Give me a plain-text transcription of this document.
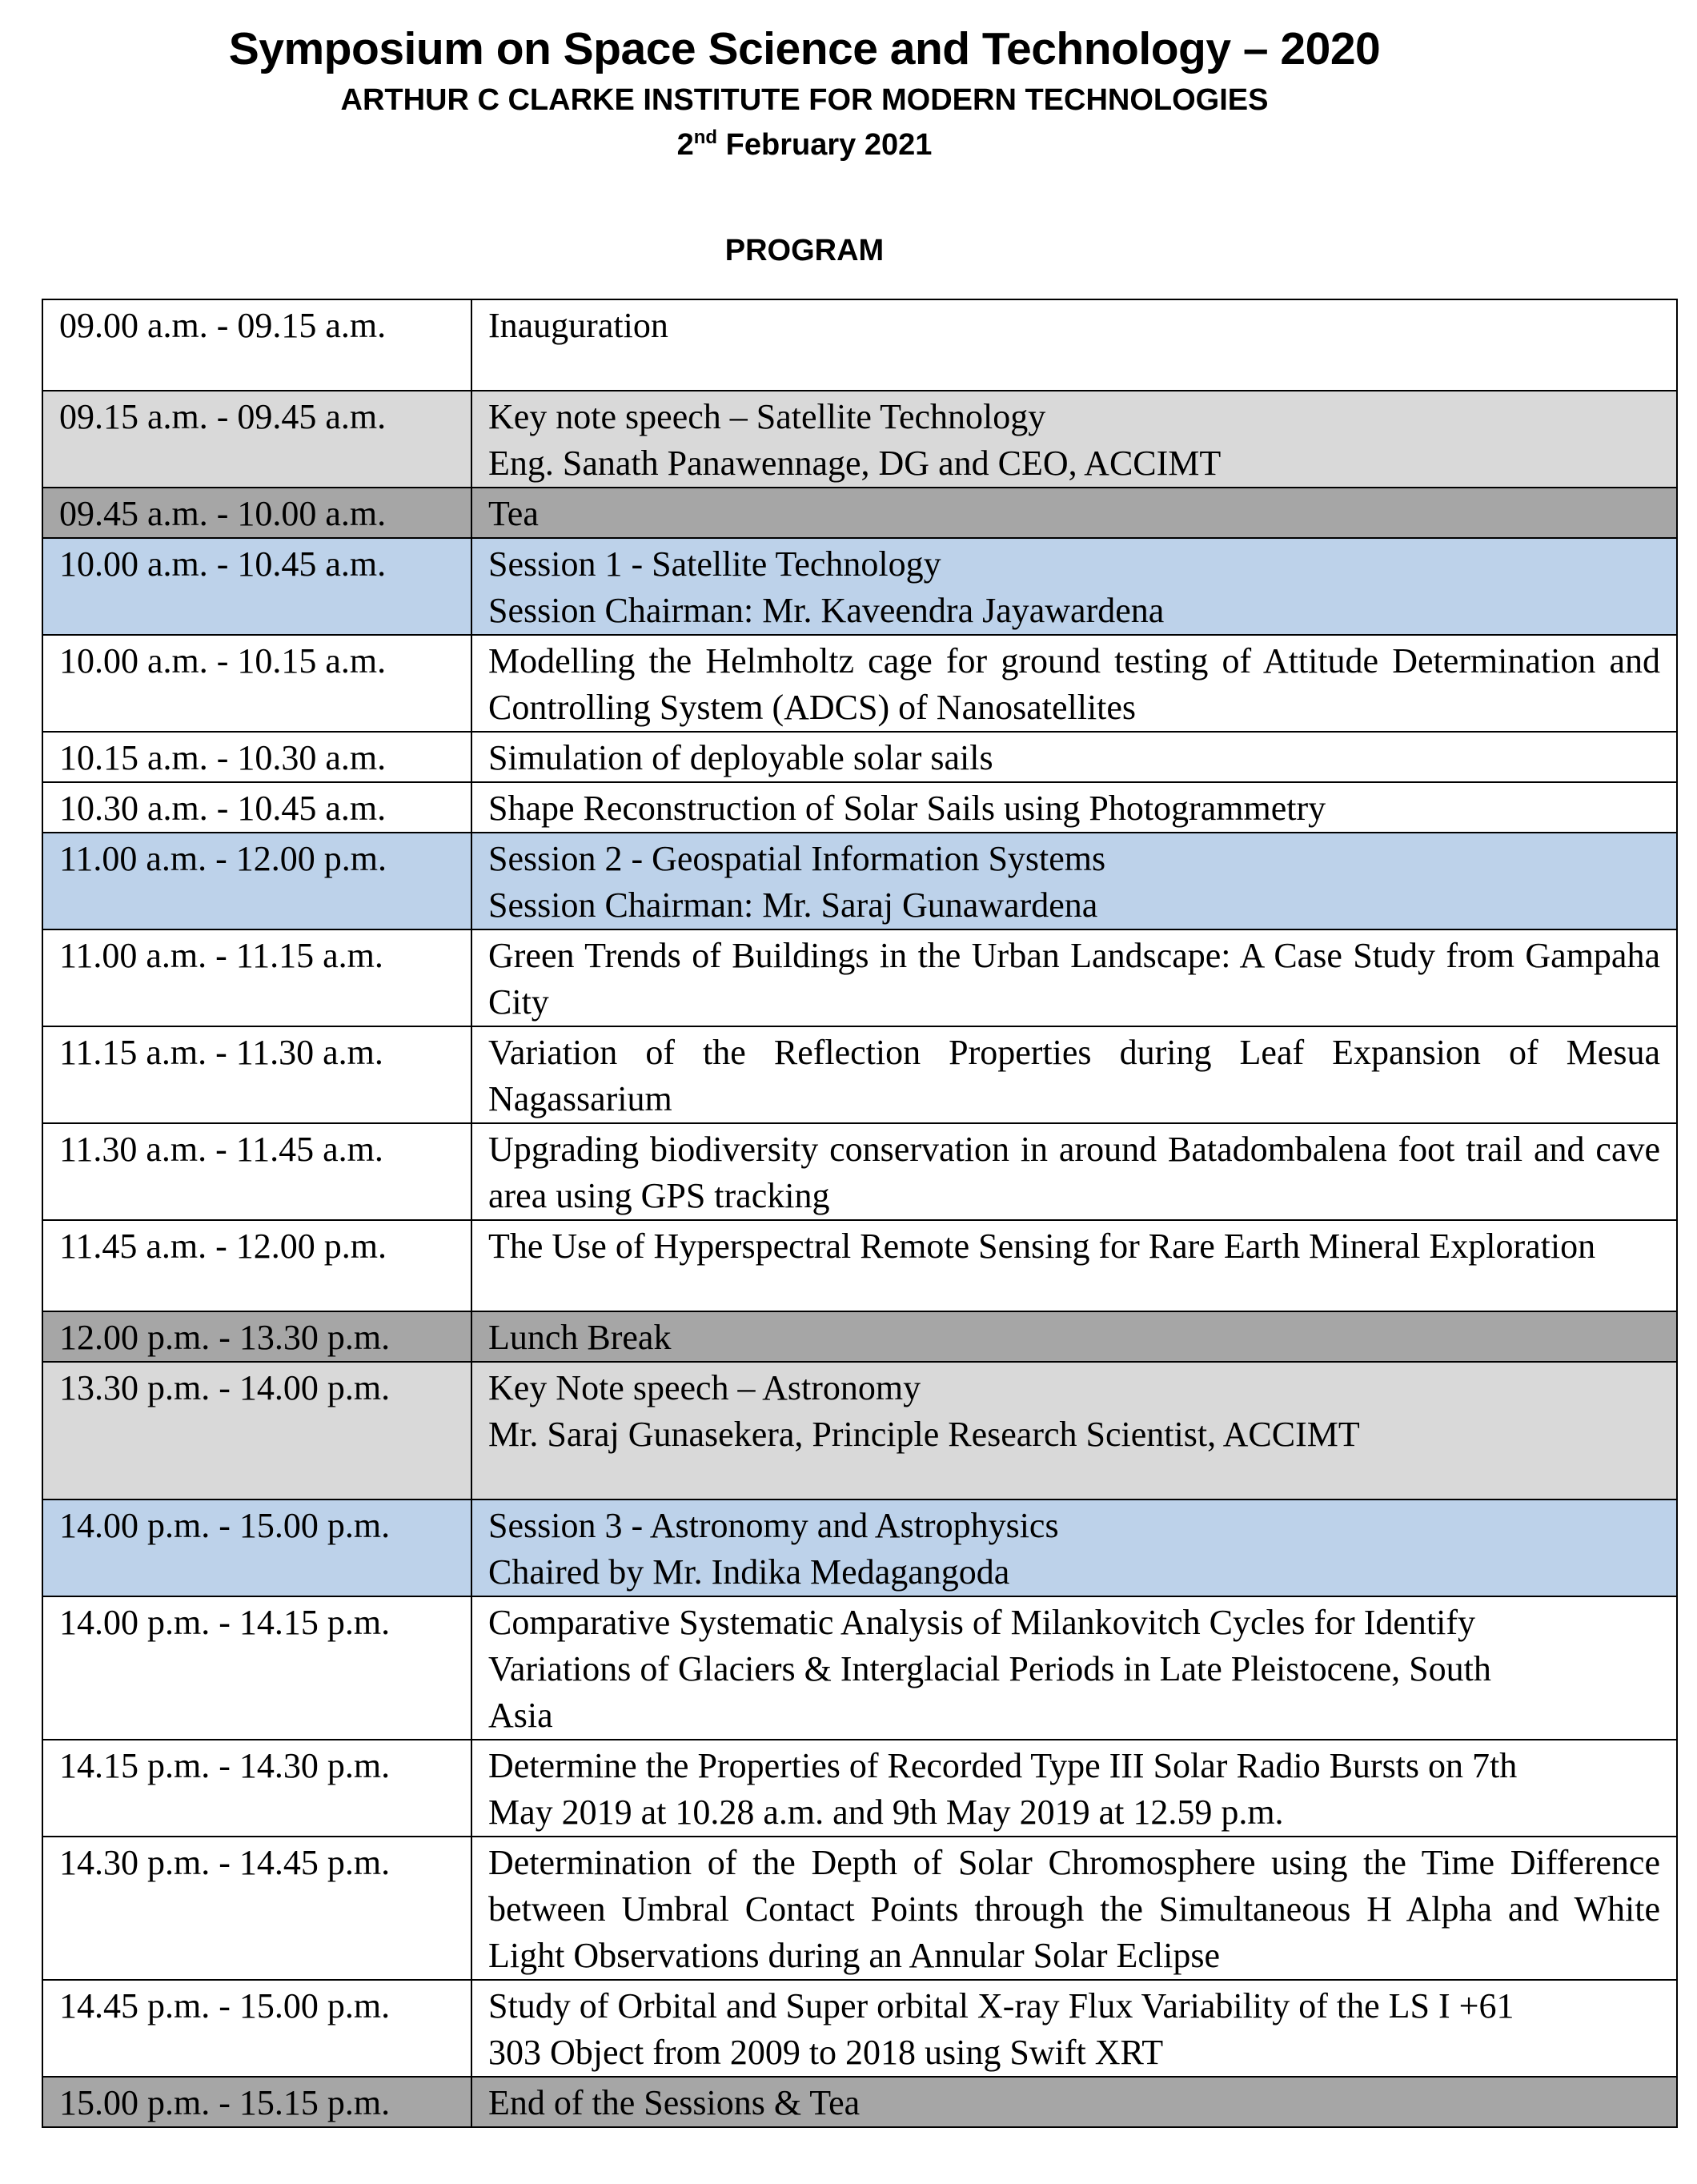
Symposium on Space Science and Technology – 2020
ARTHUR C CLARKE INSTITUTE FOR MODERN TECHNOLOGIES
2nd February 2021
PROGRAM
09.00 a.m. - 09.15 a.m.	Inauguration

09.15 a.m. - 09.45 a.m.	Key note speech – Satellite Technology
Eng. Sanath Panawennage, DG and CEO, ACCIMT

09.45 a.m. - 10.00 a.m.	Tea

10.00 a.m. - 10.45 a.m.	Session 1 - Satellite Technology
Session Chairman: Mr. Kaveendra Jayawardena

10.00 a.m. - 10.15 a.m.	Modelling the Helmholtz cage for ground testing of Attitude Determination and Controlling System (ADCS) of Nanosatellites
10.15 a.m. - 10.30 a.m.	Simulation of deployable solar sails

10.30 a.m. - 10.45 a.m.	Shape Reconstruction of Solar Sails using Photogrammetry

11.00 a.m. - 12.00 p.m.	Session 2 - Geospatial Information Systems
Session Chairman: Mr. Saraj Gunawardena

11.00 a.m. - 11.15 a.m.	Green Trends of Buildings in the Urban Landscape: A Case Study from Gampaha City
11.15 a.m. - 11.30 a.m.	Variation of the Reflection Properties during Leaf Expansion of Mesua Nagassarium
11.30 a.m. - 11.45 a.m.	Upgrading biodiversity conservation in around Batadombalena foot trail and cave area using GPS tracking
11.45 a.m. - 12.00 p.m.	The Use of Hyperspectral Remote Sensing for Rare Earth Mineral Exploration
12.00 p.m. - 13.30 p.m.	Lunch Break

13.30 p.m. - 14.00 p.m.	Key Note speech – Astronomy
Mr. Saraj Gunasekera, Principle Research Scientist, ACCIMT

14.00 p.m. - 15.00 p.m.	Session 3 - Astronomy and Astrophysics
Chaired by Mr. Indika Medagangoda

14.00 p.m. - 14.15 p.m.	Comparative Systematic Analysis of Milankovitch Cycles for Identify
Variations of Glaciers & Interglacial Periods in Late Pleistocene, South
Asia

14.15 p.m. - 14.30 p.m.	Determine the Properties of Recorded Type III Solar Radio Bursts on 7th
May 2019 at 10.28 a.m. and 9th May 2019 at 12.59 p.m.

14.30 p.m. - 14.45 p.m.	Determination of the Depth of Solar Chromosphere using the Time Difference between Umbral Contact Points through the Simultaneous H Alpha and White Light Observations during an Annular Solar Eclipse
14.45 p.m. - 15.00 p.m.	Study of Orbital and Super orbital X-ray Flux Variability of the LS I +61
303 Object from 2009 to 2018 using Swift XRT

15.00 p.m. - 15.15 p.m.	End of the Sessions & Tea
